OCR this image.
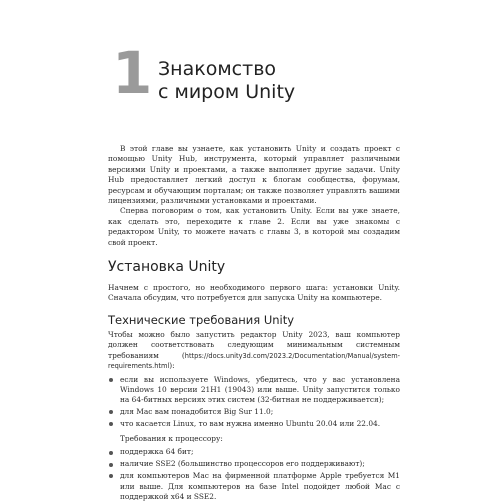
1 Знакомство
с миром Unity

В этой главе вы узнаете, как установить Unity и создать проект с помощью Unity Hub, инструмента, который управляет различными версиями Unity и проектами, а также выполняет другие задачи. Unity Hub предоставляет легкий доступ к блогам сообщества, форумам, ресурсам и обучающим порталам; он также позволяет управлять вашими лицензиями, различными установками и проектами.

Сперва поговорим о том, как установить Unity. Если вы уже знаете, как сделать это, переходите к главе 2. Если вы уже знакомы с редактором Unity, то можете начать с главы 3, в которой мы создадим свой проект.

Установка Unity

Начнем с простого, но необходимого первого шага: установки Unity. Сначала обсудим, что потребуется для запуска Unity на компьютере.

Технические требования Unity

Чтобы можно было запустить редактор Unity 2023, ваш компьютер должен соответствовать следующим минимальным системным требованиям (https://docs.unity3d.com/2023.2/Documentation/Manual/system-requirements.html):

если вы используете Windows, убедитесь, что у вас установлена Windows 10 версии 21H1 (19043) или выше. Unity запустится только на 64-битных версиях этих систем (32-битная не поддерживается);
для Mac вам понадобится Big Sur 11.0;
что касается Linux, то вам нужна именно Ubuntu 20.04 или 22.04.

Требования к процессору:

поддержка 64 бит;
наличие SSE2 (большинство процессоров его поддерживают);
для компьютеров Mac на фирменной платформе Apple требуется M1 или выше. Для компьютеров на базе Intel подойдет любой Mac с поддержкой x64 и SSE2.
